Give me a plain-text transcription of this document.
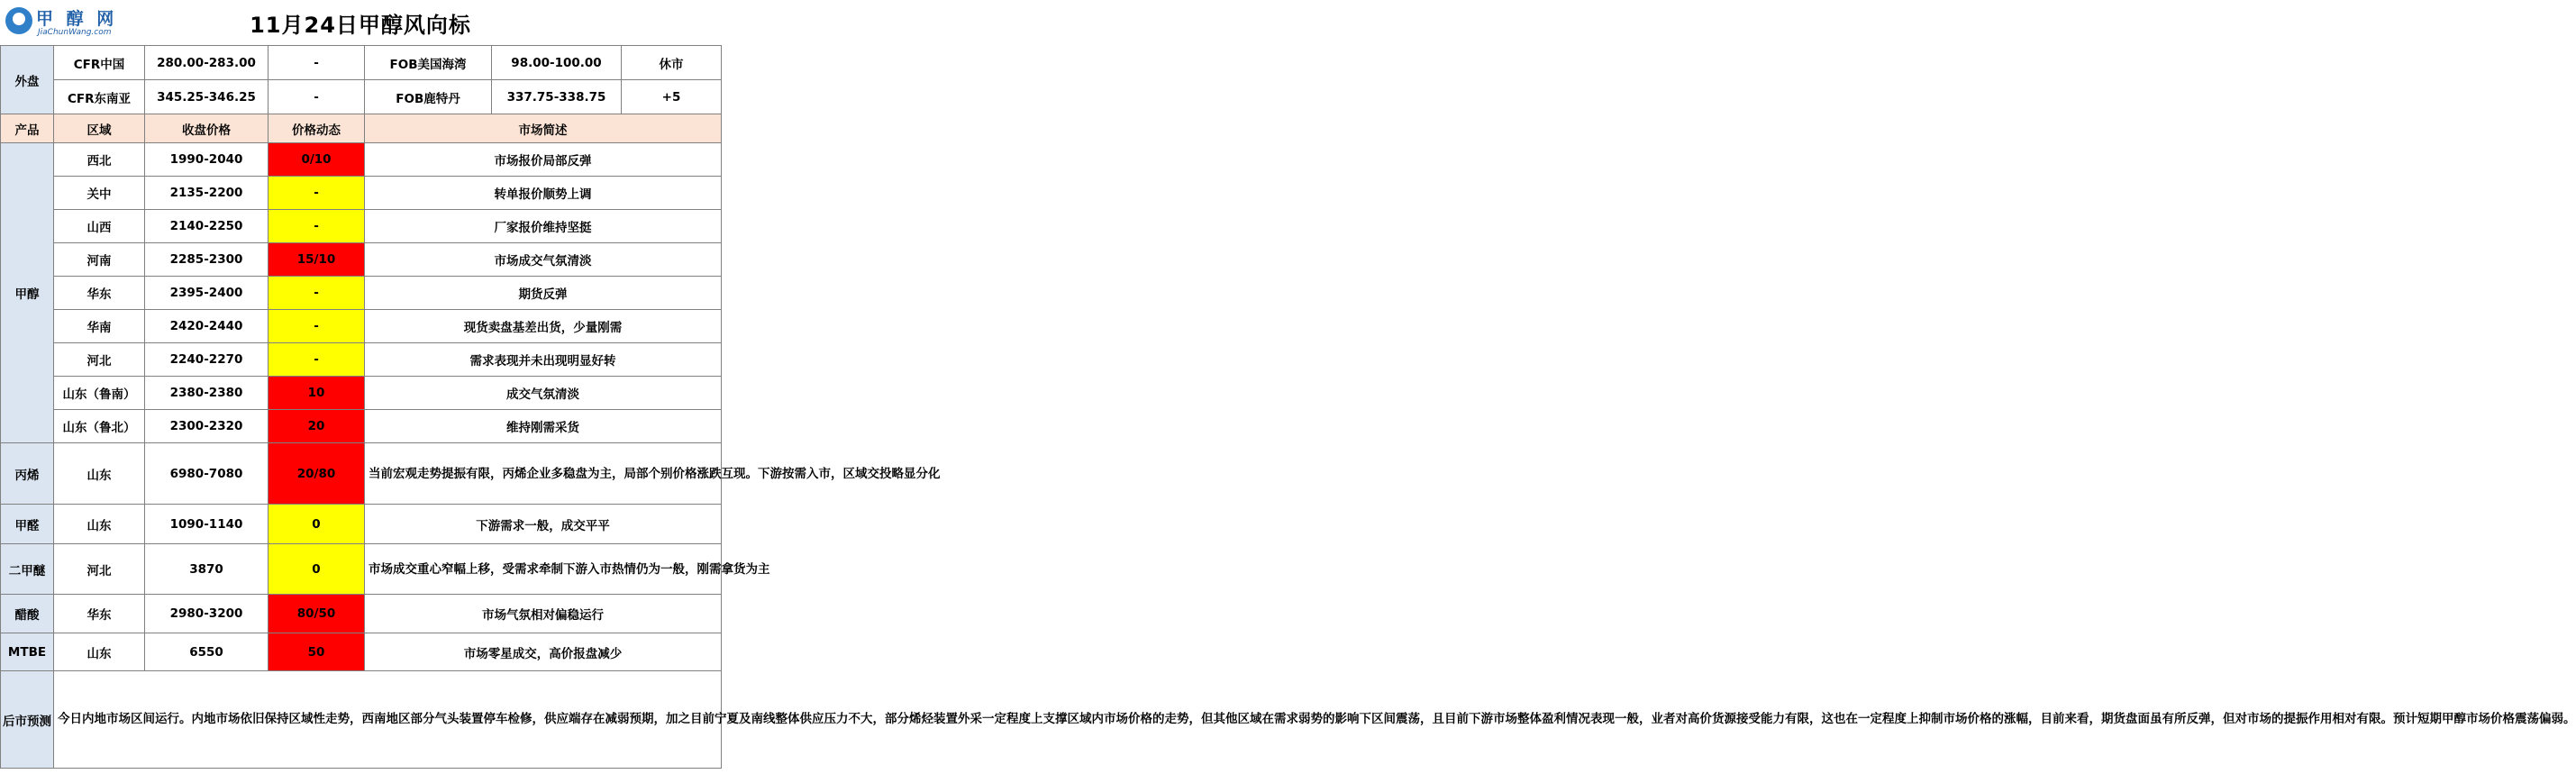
甲 醇 网
JiaChunWang.com	11月24日甲醇风向标
外盘	CFR中国	280.00-283.00	-	FOB美国海湾	98.00-100.00	休市
	CFR东南亚	345.25-346.25	-	FOB鹿特丹	337.75-338.75	+5
产品	区域	收盘价格	价格动态	市场简述		
甲醇	西北	1990-2040	0/10	市场报价局部反弹		
	关中	2135-2200	-	转单报价顺势上调		
	山西	2140-2250	-	厂家报价维持坚挺		
	河南	2285-2300	15/10	市场成交气氛清淡		
	华东	2395-2400	-	期货反弹		
	华南	2420-2440	-	现货卖盘基差出货，少量刚需		
	河北	2240-2270	-	需求表现并未出现明显好转		
	山东（鲁南）	2380-2380	10	成交气氛清淡		
	山东（鲁北）	2300-2320	20	维持刚需采货		
丙烯	山东	6980-7080	20/80	当前宏观走势提振有限，丙烯企业多稳盘为主，局部个别价格涨跌互现。下游按需入市，区域交投略显分化		
甲醛	山东	1090-1140	0	下游需求一般，成交平平		
二甲醚	河北	3870	0	市场成交重心窄幅上移，受需求牵制下游入市热情仍为一般，刚需拿货为主		
醋酸	华东	2980-3200	80/50	市场气氛相对偏稳运行		
MTBE	山东	6550	50	市场零星成交，高价报盘减少		
后市预测	今日内地市场区间运行。内地市场依旧保持区域性走势，西南地区部分气头装置停车检修，供应端存在减弱预期，加之目前宁夏及南线整体供应压力不大，部分烯烃装置外采一定程度上支撑区域内市场价格的走势，但其他区域在需求弱势的影响下区间震荡，且目前下游市场整体盈利情况表现一般，业者对高价货源接受能力有限，这也在一定程度上抑制市场价格的涨幅，目前来看，期货盘面虽有所反弹，但对市场的提振作用相对有限。预计短期甲醇市场价格震荡偏弱。					
